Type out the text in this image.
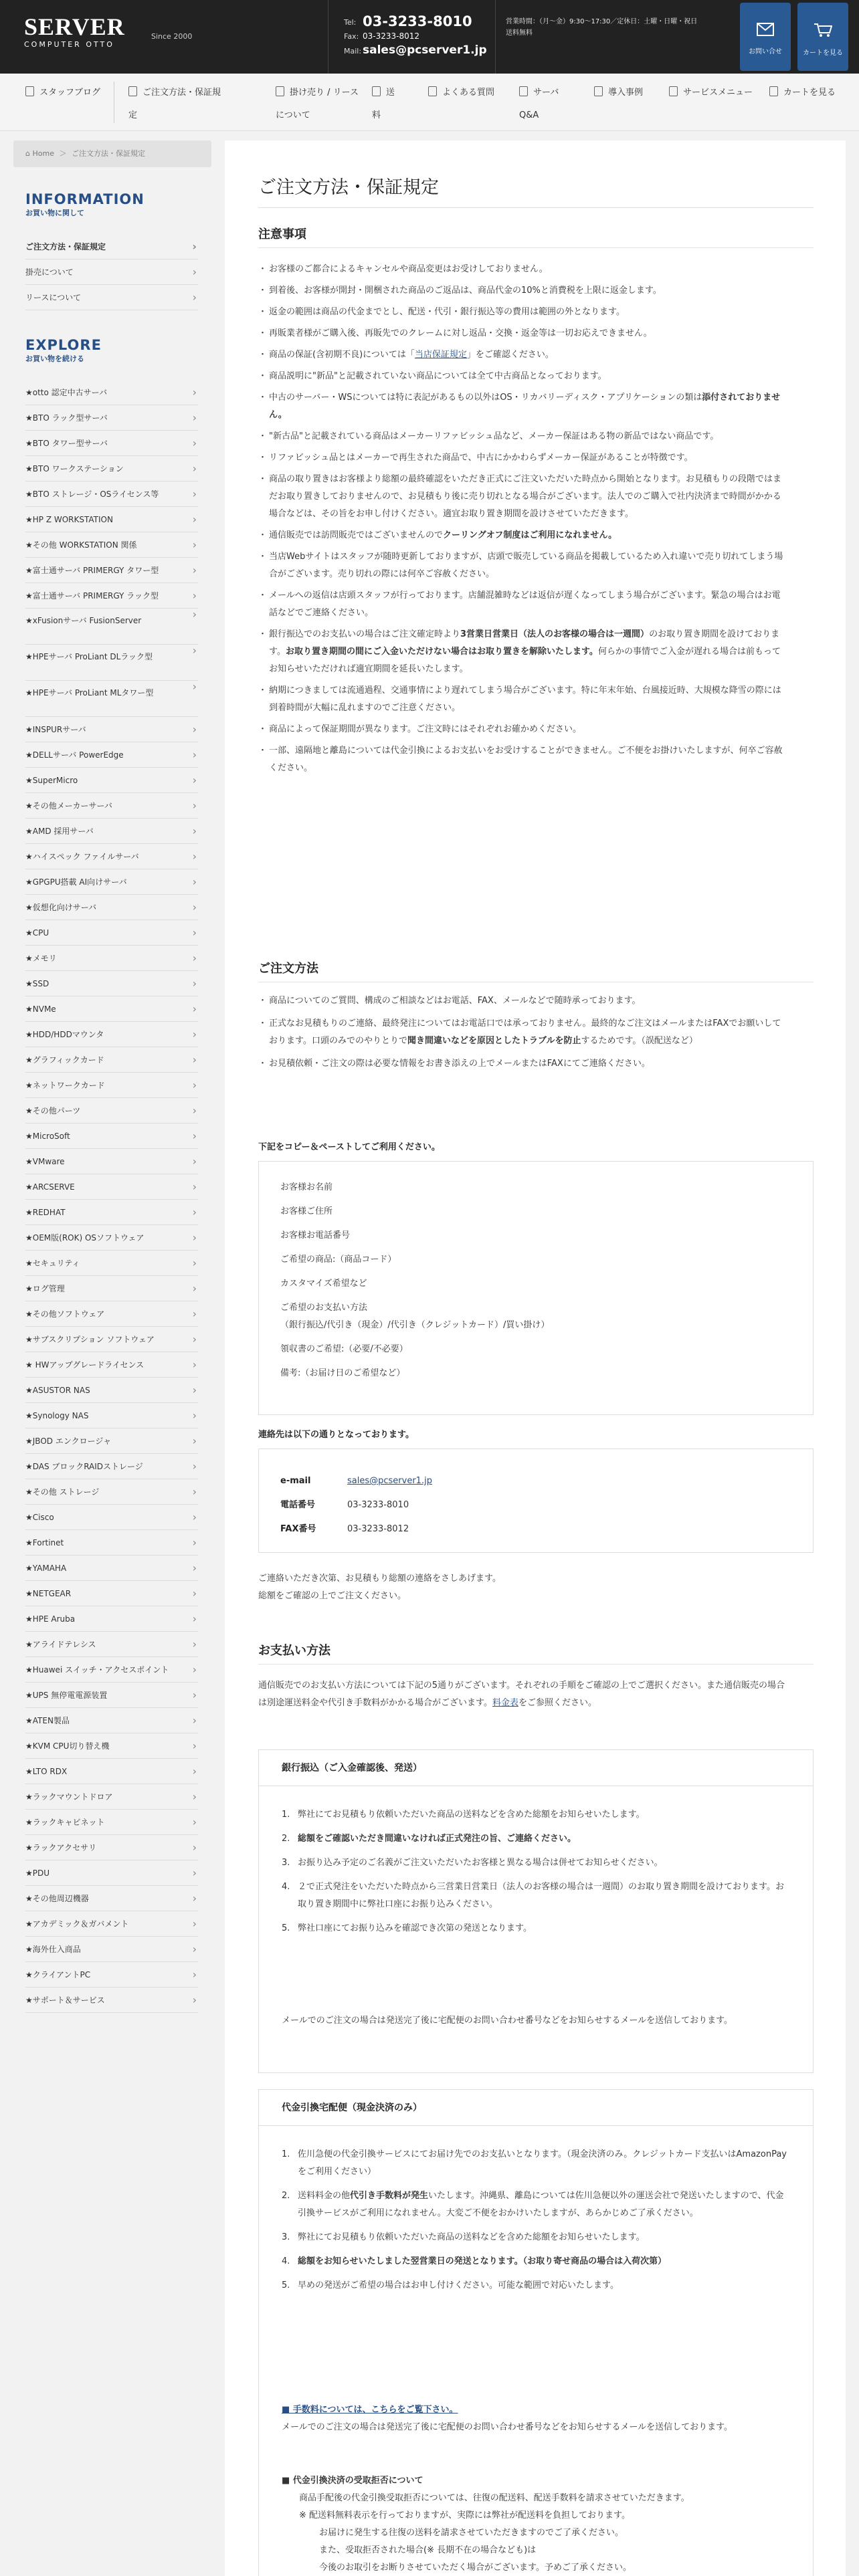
SERVER
COMPUTER OTTO
Since 2000
Tel: 03-3233-8010
Fax: 03-3233-8012
Mail: sales@pcserver1.jp
営業時間：（月〜金）9:30〜17:30／定休日：土曜・日曜・祝日
送料無料
お問い合せ	カートを見る
スタッフブログ	ご注文方法・保証規定
掛け売り / リースについて
送料
よくある質問	サーバQ&A
導入事例	サービスメニュー	カートを見る
⌂ Home ＞ ご注文方法・保証規定
INFORMATION
お買い物に関して
ご注文方法・保証規定 ›
掛売について ›
リースについて ›
EXPLORE
お買い物を続ける
★otto 認定中古サーバ ›
★BTO ラック型サーバ ›
★BTO タワー型サーバ ›
★BTO ワークステーション ›
★BTO ストレージ・OSライセンス等 ›
★HP Z WORKSTATION ›
★その他 WORKSTATION 関係 ›
★富士通サーバ PRIMERGY タワー型 ›
★富士通サーバ PRIMERGY ラック型 ›
★xFusionサーバ FusionServer ›
★HPEサーバ ProLiant DLラック型 ›
★HPEサーバ ProLiant MLタワー型 ›
★INSPURサーバ ›
★DELLサーバ PowerEdge ›
★SuperMicro ›
★その他メーカーサーバ ›
★AMD 採用サーバ ›
★ハイスペック ファイルサーバ ›
★GPGPU搭載 AI向けサーバ ›
★仮想化向けサーバ ›
★CPU ›
★メモリ ›
★SSD ›
★NVMe ›
★HDD/HDDマウンタ ›
★グラフィックカード ›
★ネットワークカード ›
★その他パーツ ›
★MicroSoft ›
★VMware ›
★ARCSERVE ›
★REDHAT ›
★OEM版(ROK) OSソフトウェア ›
★セキュリティ ›
★ログ管理 ›
★その他ソフトウェア ›
★サブスクリプション ソフトウェア ›
★ HWアップグレードライセンス ›
★ASUSTOR NAS ›
★Synology NAS ›
★JBOD エンクロージャ ›
★DAS ブロックRAIDストレージ ›
★その他 ストレージ ›
★Cisco ›
★Fortinet ›
★YAMAHA ›
★NETGEAR ›
★HPE Aruba ›
★アライドテレシス ›
★Huawei スイッチ・アクセスポイント ›
★UPS 無停電電源装置 ›
★ATEN製品 ›
★KVM CPU切り替え機 ›
★LTO RDX ›
★ラックマウントドロア ›
★ラックキャビネット ›
★ラックアクセサリ ›
★PDU ›
★その他周辺機器 ›
★アカデミック＆ガバメント ›
★海外仕入商品 ›
★クライアントPC ›
★サポート＆サービス ›
ご注文方法・保証規定
注意事項
・ お客様のご都合によるキャンセルや商品変更はお受けしておりません。
・ 到着後、お客様が開封・開梱された商品のご返品は、商品代金の10%と消費税を上限に返金します。
・ 返金の範囲は商品の代金までとし、配送・代引・銀行振込等の費用は範囲の外となります。
・ 再販業者様がご購入後、再販先でのクレームに対し返品・交換・返金等は一切お応えできません。
・ 商品の保証(含初期不良)については「当店保証規定」をご確認ください。
・ 商品説明に"新品"と記載されていない商品については全て中古商品となっております。
・ 中古のサーバー・WSについては特に表記があるもの以外はOS・リカバリーディスク・アプリケーションの類は添付されておりません。
・ "新古品"と記載されている商品はメーカーリファビッシュ品など、メーカー保証はある物の新品ではない商品です。
・ リファビッシュ品とはメーカーで再生された商品で、中古にかかわらずメーカー保証があることが特徴です。
・ 商品の取り置きはお客様より総額の最終確認をいただき正式にご注文いただいた時点から開始となります。お見積もりの段階ではまだお取り置きしておりませんので、お見積もり後に売り切れとなる場合がございます。法人でのご購入で社内決済まで時間がかかる場合などは、その旨をお申し付けください。適宜お取り置き期間を設けさせていただきます。
・ 通信販売では訪問販売ではございませんのでクーリングオフ制度はご利用になれません。
・ 当店Webサイトはスタッフが随時更新しておりますが、店頭で販売している商品を掲載しているため入れ違いで売り切れてしまう場合がございます。売り切れの際には何卒ご容赦ください。
・ メールへの返信は店頭スタッフが行っております。店舗混雑時などは返信が遅くなってしまう場合がございます。緊急の場合はお電話などでご連絡ください。
・ 銀行振込でのお支払いの場合はご注文確定時より3営業日営業日（法人のお客様の場合は一週間）のお取り置き期間を設けております。お取り置き期間の間にご入金いただけない場合はお取り置きを解除いたします。何らかの事情でご入金が遅れる場合は前もってお知らせいただければ適宜期間を延長いたします。
・ 納期につきましては流通過程、交通事情により遅れてしまう場合がございます。特に年末年始、台風接近時、大規模な降雪の際には到着時間が大幅に乱れますのでご注意ください。
・ 商品によって保証期間が異なります。ご注文時にはそれぞれお確かめください。
・ 一部、遠隔地と離島については代金引換によるお支払いをお受けすることができません。ご不便をお掛けいたしますが、何卒ご容赦ください。
ご注文方法
・ 商品についてのご質問、構成のご相談などはお電話、FAX、メールなどで随時承っております。
・ 正式なお見積もりのご連絡、最終発注についてはお電話口では承っておりません。最終的なご注文はメールまたはFAXでお願いしております。口頭のみでのやりとりで聞き間違いなどを原因としたトラブルを防止するためです。（誤配送など）
・ お見積依頼・ご注文の際は必要な情報をお書き添えの上でメールまたはFAXにてご連絡ください。
下記をコピー＆ペーストしてご利用ください。
お客様お名前
お客様ご住所
お客様お電話番号
ご希望の商品:（商品コード）
カスタマイズ希望など
ご希望のお支払い方法
（銀行振込/代引き（現金）/代引き（クレジットカード）/買い掛け）
領収書のご希望:（必要/不必要）
備考:（お届け日のご希望など）
連絡先は以下の通りとなっております。
e-mail	sales@pcserver1.jp
電話番号	03-3233-8010
FAX番号	03-3233-8012
ご連絡いただき次第、お見積もり総額の連絡をさしあげます。
総額をご確認の上でご注文ください。
お支払い方法
通信販売でのお支払い方法については下記の5通りがございます。それぞれの手順をご確認の上でご選択ください。また通信販売の場合は別途運送料金や代引き手数料がかかる場合がございます。料金表をご参照ください。
銀行振込（ご入金確認後、発送）
1. 弊社にてお見積もり依頼いただいた商品の送料などを含めた総額をお知らせいたします。
2. 総額をご確認いただき間違いなければ正式発注の旨、ご連絡ください。
3. お振り込み予定のご名義がご注文いただいたお客様と異なる場合は併せてお知らせください。
4. ２で正式発注をいただいた時点から三営業日営業日（法人のお客様の場合は一週間）のお取り置き期間を設けております。お取り置き期間中に弊社口座にお振り込みください。
5. 弊社口座にてお振り込みを確認でき次第の発送となります。
メールでのご注文の場合は発送完了後に宅配便のお問い合わせ番号などをお知らせするメールを送信しております。
代金引換宅配便（現金決済のみ）
1. 佐川急便の代金引換サービスにてお届け先でのお支払いとなります。（現金決済のみ。クレジットカード支払いはAmazonPayをご利用ください）
2. 送料料金の他代引き手数料が発生いたします。沖縄県、離島については佐川急便以外の運送会社で発送いたしますので、代金引換サービスがご利用になれません。大変ご不便をおかけいたしますが、あらかじめご了承ください。
3. 弊社にてお見積もり依頼いただいた商品の送料などを含めた総額をお知らせいたします。
4. 総額をお知らせいたしました翌営業日の発送となります。（お取り寄せ商品の場合は入荷次第）
5. 早めの発送がご希望の場合はお申し付けください。可能な範囲で対応いたします。
■ 手数料については、こちらをご覧下さい。
メールでのご注文の場合は発送完了後に宅配便のお問い合わせ番号などをお知らせするメールを送信しております。
■ 代金引換決済の受取拒否について
商品手配後の代金引換受取拒否については、往復の配送料、配送手数料を請求させていただきます。
※ 配送料無料表示を行っておりますが、実際には弊社が配送料を負担しております。
お届けに発生する往復の送料を請求させていただきますのでご了承ください。
また、受取拒否された場合(※ 長期不在の場合なども)は
今後のお取引をお断りさせていただく場合がございます。予めご了承ください。
